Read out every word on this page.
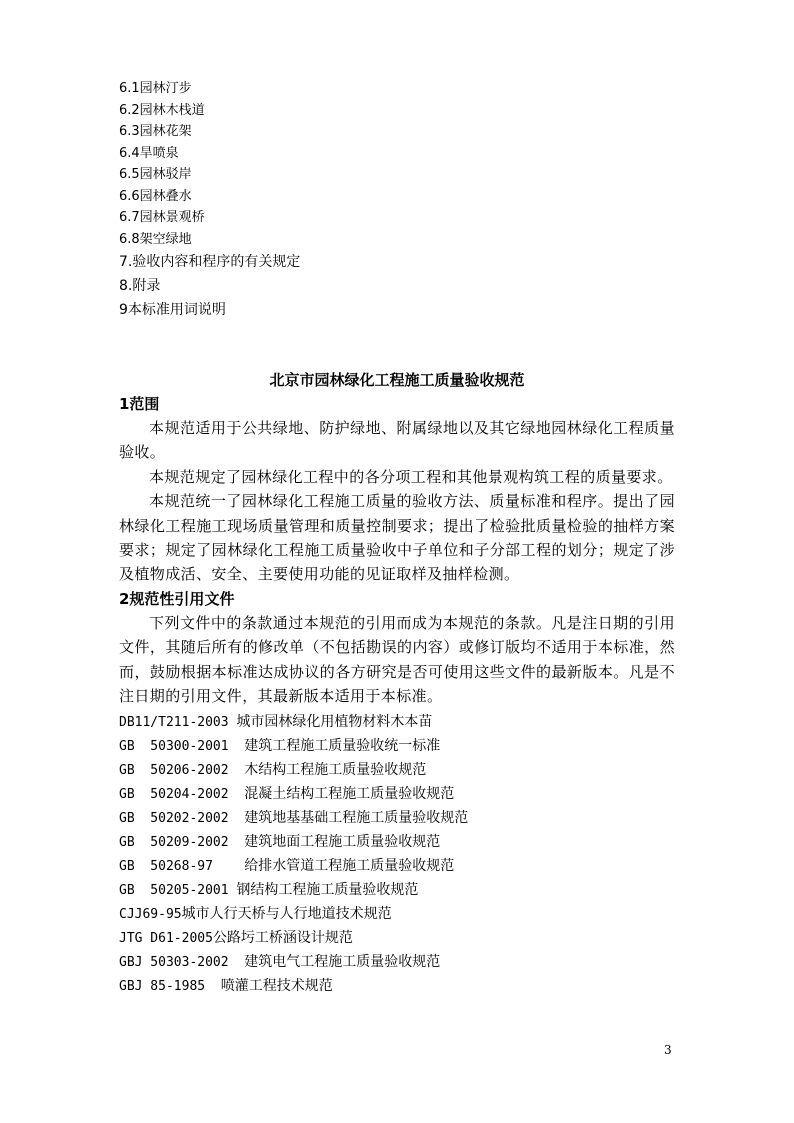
6.1园林汀步
6.2园林木栈道
6.3园林花架
6.4旱喷泉
6.5园林驳岸
6.6园林叠水
6.7园林景观桥
6.8架空绿地
7.验收内容和程序的有关规定
8.附录
9本标准用词说明
北京市园林绿化工程施工质量验收规范
1范围

本规范适用于公共绿地、防护绿地、附属绿地以及其它绿地园林绿化工程质量验收。

本规范规定了园林绿化工程中的各分项工程和其他景观构筑工程的质量要求。

本规范统一了园林绿化工程施工质量的验收方法、质量标准和程序。提出了园林绿化工程施工现场质量管理和质量控制要求；提出了检验批质量检验的抽样方案要求；规定了园林绿化工程施工质量验收中子单位和子分部工程的划分；规定了涉及植物成活、安全、主要使用功能的见证取样及抽样检测。

2规范性引用文件

下列文件中的条款通过本规范的引用而成为本规范的条款。凡是注日期的引用文件，其随后所有的修改单（不包括勘误的内容）或修订版均不适用于本标准，然而，鼓励根据本标准达成协议的各方研究是否可使用这些文件的最新版本。凡是不注日期的引用文件，其最新版本适用于本标准。

DB11/T211-2003 城市园林绿化用植物材料木本苗
GB  50300-2001  建筑工程施工质量验收统一标准
GB  50206-2002  木结构工程施工质量验收规范
GB  50204-2002  混凝土结构工程施工质量验收规范
GB  50202-2002  建筑地基基础工程施工质量验收规范
GB  50209-2002  建筑地面工程施工质量验收规范
GB  50268-97    给排水管道工程施工质量验收规范
GB  50205-2001 钢结构工程施工质量验收规范
CJJ69-95城市人行天桥与人行地道技术规范
JTG D61-2005公路圬工桥涵设计规范
GBJ 50303-2002  建筑电气工程施工质量验收规范
GBJ 85-1985  喷灌工程技术规范
3
